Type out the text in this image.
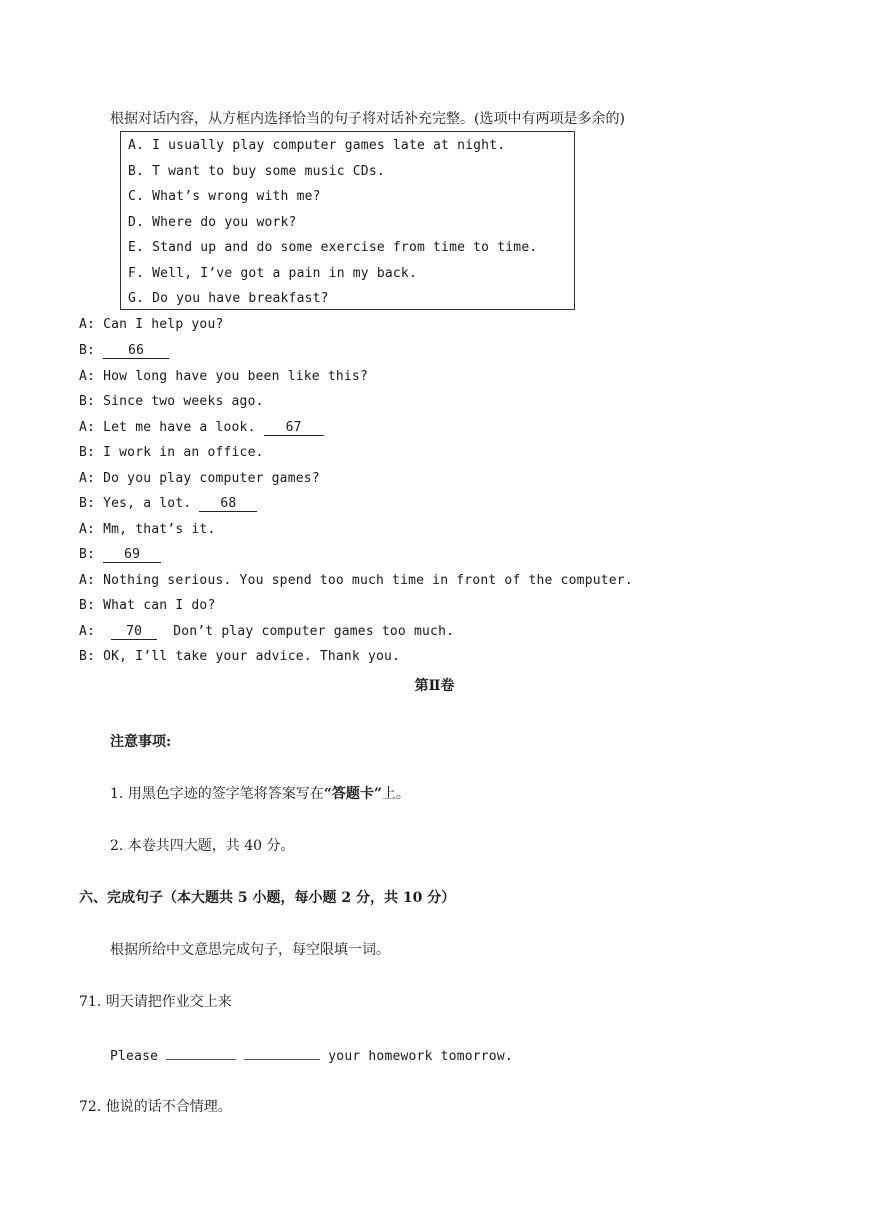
根据对话内容，从方框内选择恰当的句子将对话补充完整。(选项中有两项是多余的)
A. I usually play computer games late at night.
B. T want to buy some music CDs.
C. What’s wrong with me?
D. Where do you work?
E. Stand up and do some exercise from time to time.
F. Well, I’ve got a pain in my back.
G. Do you have breakfast?
A: Can I help you?
B:	66
A: How long have you been like this?
B: Since two weeks ago.
A: Let me have a look. 67
B: I work in an office.
A: Do you play computer games?
B: Yes, a lot. 68
A: Mm, that’s it.
B: 69
A: Nothing serious. You spend too much time in front of the computer.
B: What can I do?
A: 70 Don’t play computer games too much.
B: OK, I’ll take your advice. Thank you.
第Ⅱ卷
注意事项:
1. 用黑色字迹的签字笔将答案写在“答题卡”上。
2. 本卷共四大题，共 40 分。
六、完成句子（本大题共 5 小题，每小题 2 分，共 10 分）
根据所给中文意思完成句子，每空限填一词。
71. 明天请把作业交上来
Please	your homework tomorrow.
72. 他说的话不合情理。
